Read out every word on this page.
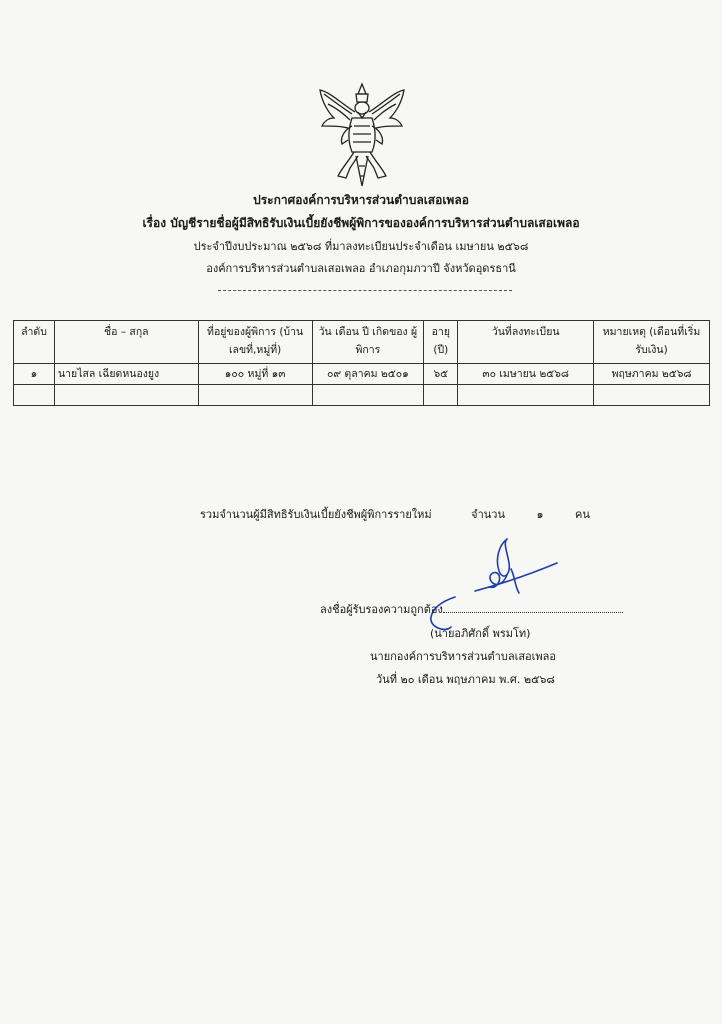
ประกาศองค์การบริหารส่วนตำบลเสอเพลอ
เรื่อง บัญชีรายชื่อผู้มีสิทธิรับเงินเบี้ยยังชีพผู้พิการขององค์การบริหารส่วนตำบลเสอเพลอ
ประจำปีงบประมาณ ๒๕๖๘ ที่มาลงทะเบียนประจำเดือน เมษายน ๒๕๖๘
องค์การบริหารส่วนตำบลเสอเพลอ อำเภอกุมภวาปี จังหวัดอุดรธานี
ลำดับ	ชื่อ – สกุล	ที่อยู่ของผู้พิการ (บ้านเลขที่,หมู่ที่)	วัน เดือน ปี เกิดของ ผู้พิการ	อายุ (ปี)	วันที่ลงทะเบียน	หมายเหตุ (เดือนที่เริ่มรับเงิน)
๑	นายไสล เฉียดหนองยูง	๑๐๐ หมู่ที่ ๑๓	๐๙ ตุลาคม ๒๕๐๑	๖๕	๓๐ เมษายน ๒๕๖๘	พฤษภาคม ๒๕๖๘

รวมจำนวนผู้มีสิทธิรับเงินเบี้ยยังชีพผู้พิการรายใหม่	จำนวน	๑	คน
ลงชื่อผู้รับรองความถูกต้อง
(นายอภิศักดิ์ พรมโท)
นายกองค์การบริหารส่วนตำบลเสอเพลอ
วันที่ ๒๐ เดือน พฤษภาคม พ.ศ. ๒๕๖๘
